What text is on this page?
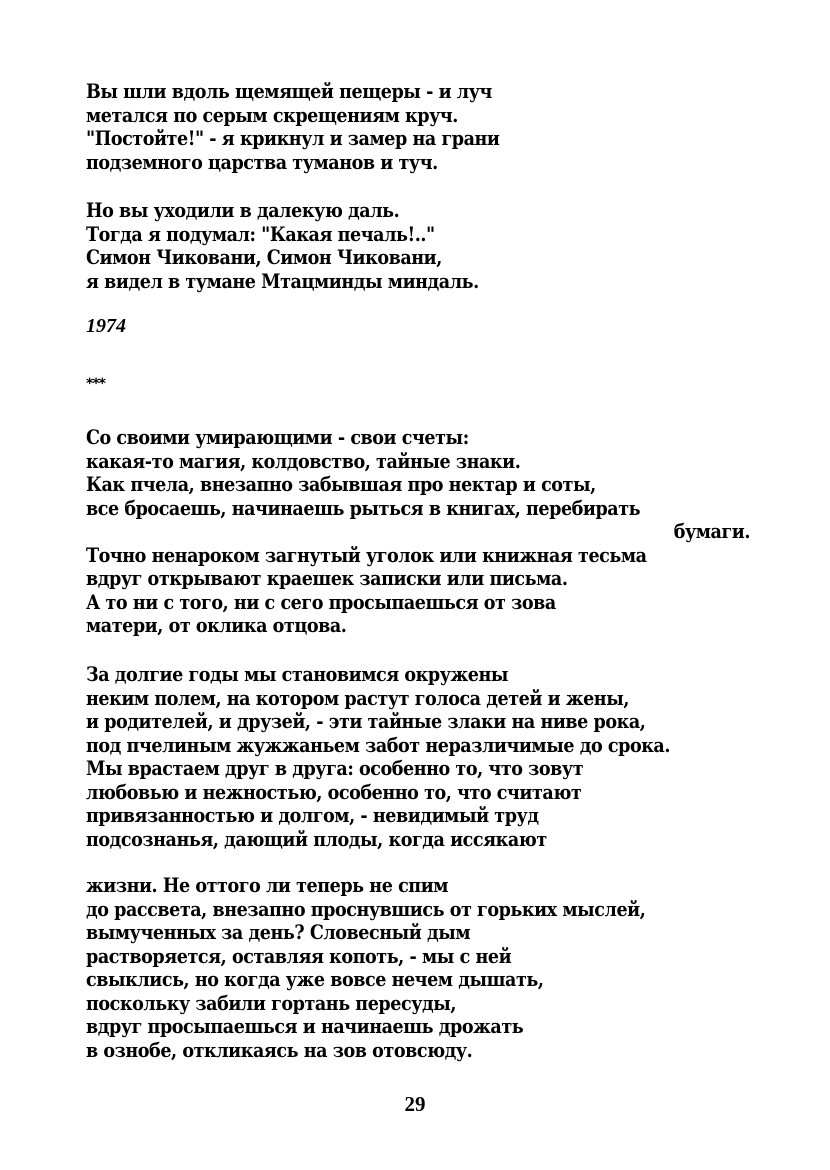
Вы шли вдоль щемящей пещеры - и луч
метался по серым скрещениям круч.
"Постойте!" - я крикнул и замер на грани
подземного царства туманов и туч.
Но вы уходили в далекую даль.
Тогда я подумал: "Какая печаль!.."
Симон Чиковани, Симон Чиковани,
я видел в тумане Мтацминды миндаль.
1974
***
Со своими умирающими - свои счеты:
какая-то магия, колдовство, тайные знаки.
Как пчела, внезапно забывшая про нектар и соты,
все бросаешь, начинаешь рыться в книгах, перебирать
бумаги.
Точно ненароком загнутый уголок или книжная тесьма
вдруг открывают краешек записки или письма.
А то ни с того, ни с сего просыпаешься от зова
матери, от оклика отцова.
За долгие годы мы становимся окружены
неким полем, на котором растут голоса детей и жены,
и родителей, и друзей, - эти тайные злаки на ниве рока,
под пчелиным жужжаньем забот неразличимые до срока.
Мы врастаем друг в друга: особенно то, что зовут
любовью и нежностью, особенно то, что считают
привязанностью и долгом, - невидимый труд
подсознанья, дающий плоды, когда иссякают
жизни. Не оттого ли теперь не спим
до рассвета, внезапно проснувшись от горьких мыслей,
вымученных за день? Словесный дым
растворяется, оставляя копоть, - мы с ней
свыклись, но когда уже вовсе нечем дышать,
поскольку забили гортань пересуды,
вдруг просыпаешься и начинаешь дрожать
в ознобе, откликаясь на зов отовсюду.
29
